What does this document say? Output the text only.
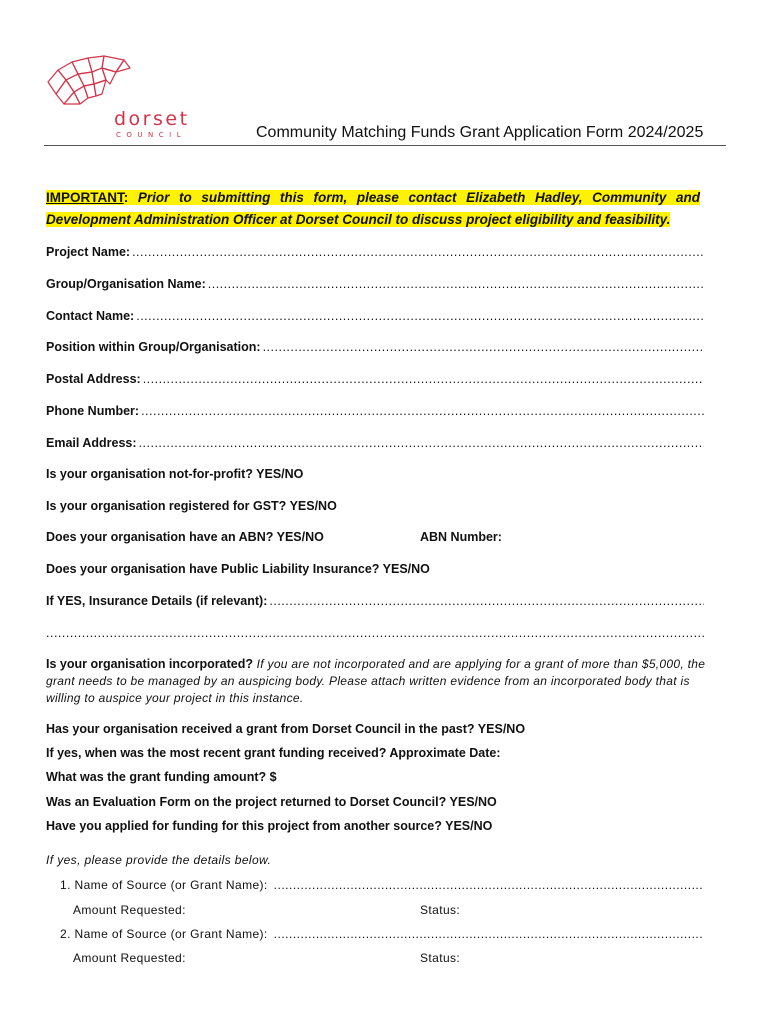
dorset
COUNCIL	Community Matching Funds Grant Application Form 2024/2025
IMPORTANT: Prior to submitting this form, please contact Elizabeth Hadley, Community and Development Administration Officer at Dorset Council to discuss project eligibility and feasibility.
Project Name:
.....
Group/Organisation Name:
.....
Contact Name:
.....
Position within Group/Organisation:
.....
Postal Address:
.....
Phone Number:
.....
Email Address:
.....
Is your organisation not-for-profit? YES/NO
Is your organisation registered for GST? YES/NO
Does your organisation have an ABN? YES/NO	ABN Number:
Does your organisation have Public Liability Insurance? YES/NO
If YES, Insurance Details (if relevant):
.....
.....
Is your organisation incorporated? If you are not incorporated and are applying for a grant of more than $5,000, the grant needs to be managed by an auspicing body. Please attach written evidence from an incorporated body that is willing to auspice your project in this instance.
Has your organisation received a grant from Dorset Council in the past? YES/NO
If yes, when was the most recent grant funding received? Approximate Date:
What was the grant funding amount? $
Was an Evaluation Form on the project returned to Dorset Council? YES/NO
Have you applied for funding for this project from another source? YES/NO
If yes, please provide the details below.
1. Name of Source (or Grant Name):
.....
Amount Requested:	Status:
2. Name of Source (or Grant Name):
.....
Amount Requested:	Status:
